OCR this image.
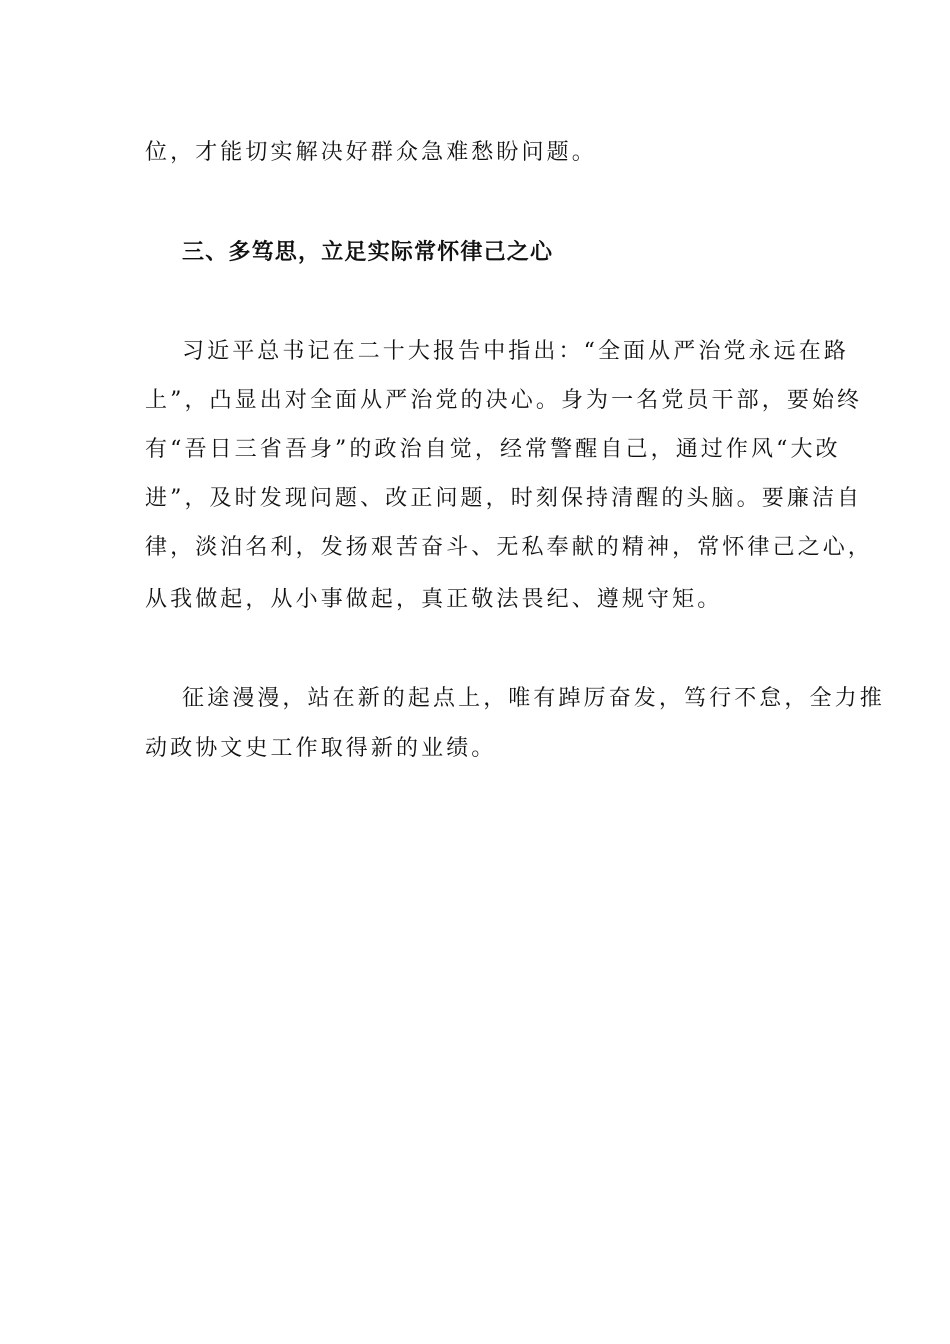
位，才能切实解决好群众急难愁盼问题。
三、多笃思，立足实际常怀律己之心
习近平总书记在二十大报告中指出：“全面从严治党永远在路
上”，凸显出对全面从严治党的决心。身为一名党员干部，要始终
有“吾日三省吾身”的政治自觉，经常警醒自己，通过作风“大改
进”，及时发现问题、改正问题，时刻保持清醒的头脑。要廉洁自
律，淡泊名利，发扬艰苦奋斗、无私奉献的精神，常怀律己之心，
从我做起，从小事做起，真正敬法畏纪、遵规守矩。
征途漫漫，站在新的起点上，唯有踔厉奋发，笃行不怠，全力推
动政协文史工作取得新的业绩。
